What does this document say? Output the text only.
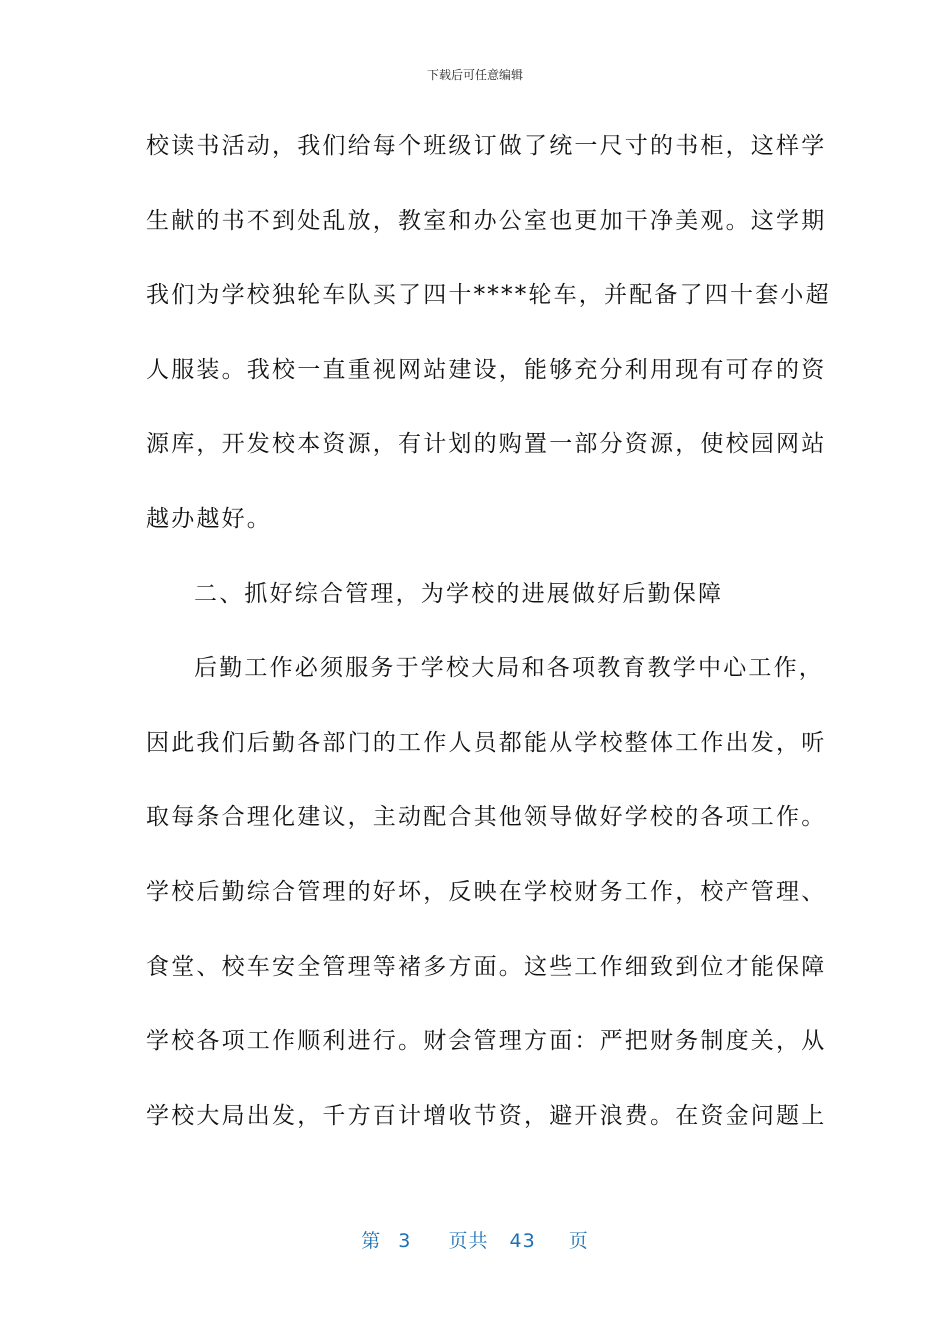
下载后可任意编辑
校读书活动，我们给每个班级订做了统一尺寸的书柜，这样学
生献的书不到处乱放，教室和办公室也更加干净美观。这学期
我们为学校独轮车队买了四十****轮车，并配备了四十套小超
人服装。我校一直重视网站建设，能够充分利用现有可存的资
源库，开发校本资源，有计划的购置一部分资源，使校园网站
越办越好。
二、抓好综合管理，为学校的进展做好后勤保障
后勤工作必须服务于学校大局和各项教育教学中心工作，
因此我们后勤各部门的工作人员都能从学校整体工作出发，听
取每条合理化建议，主动配合其他领导做好学校的各项工作。
学校后勤综合管理的好坏，反映在学校财务工作，校产管理、
食堂、校车安全管理等褚多方面。这些工作细致到位才能保障
学校各项工作顺利进行。财会管理方面：严把财务制度关，从
学校大局出发，千方百计增收节资，避开浪费。在资金问题上
第 3 页共 43 页
